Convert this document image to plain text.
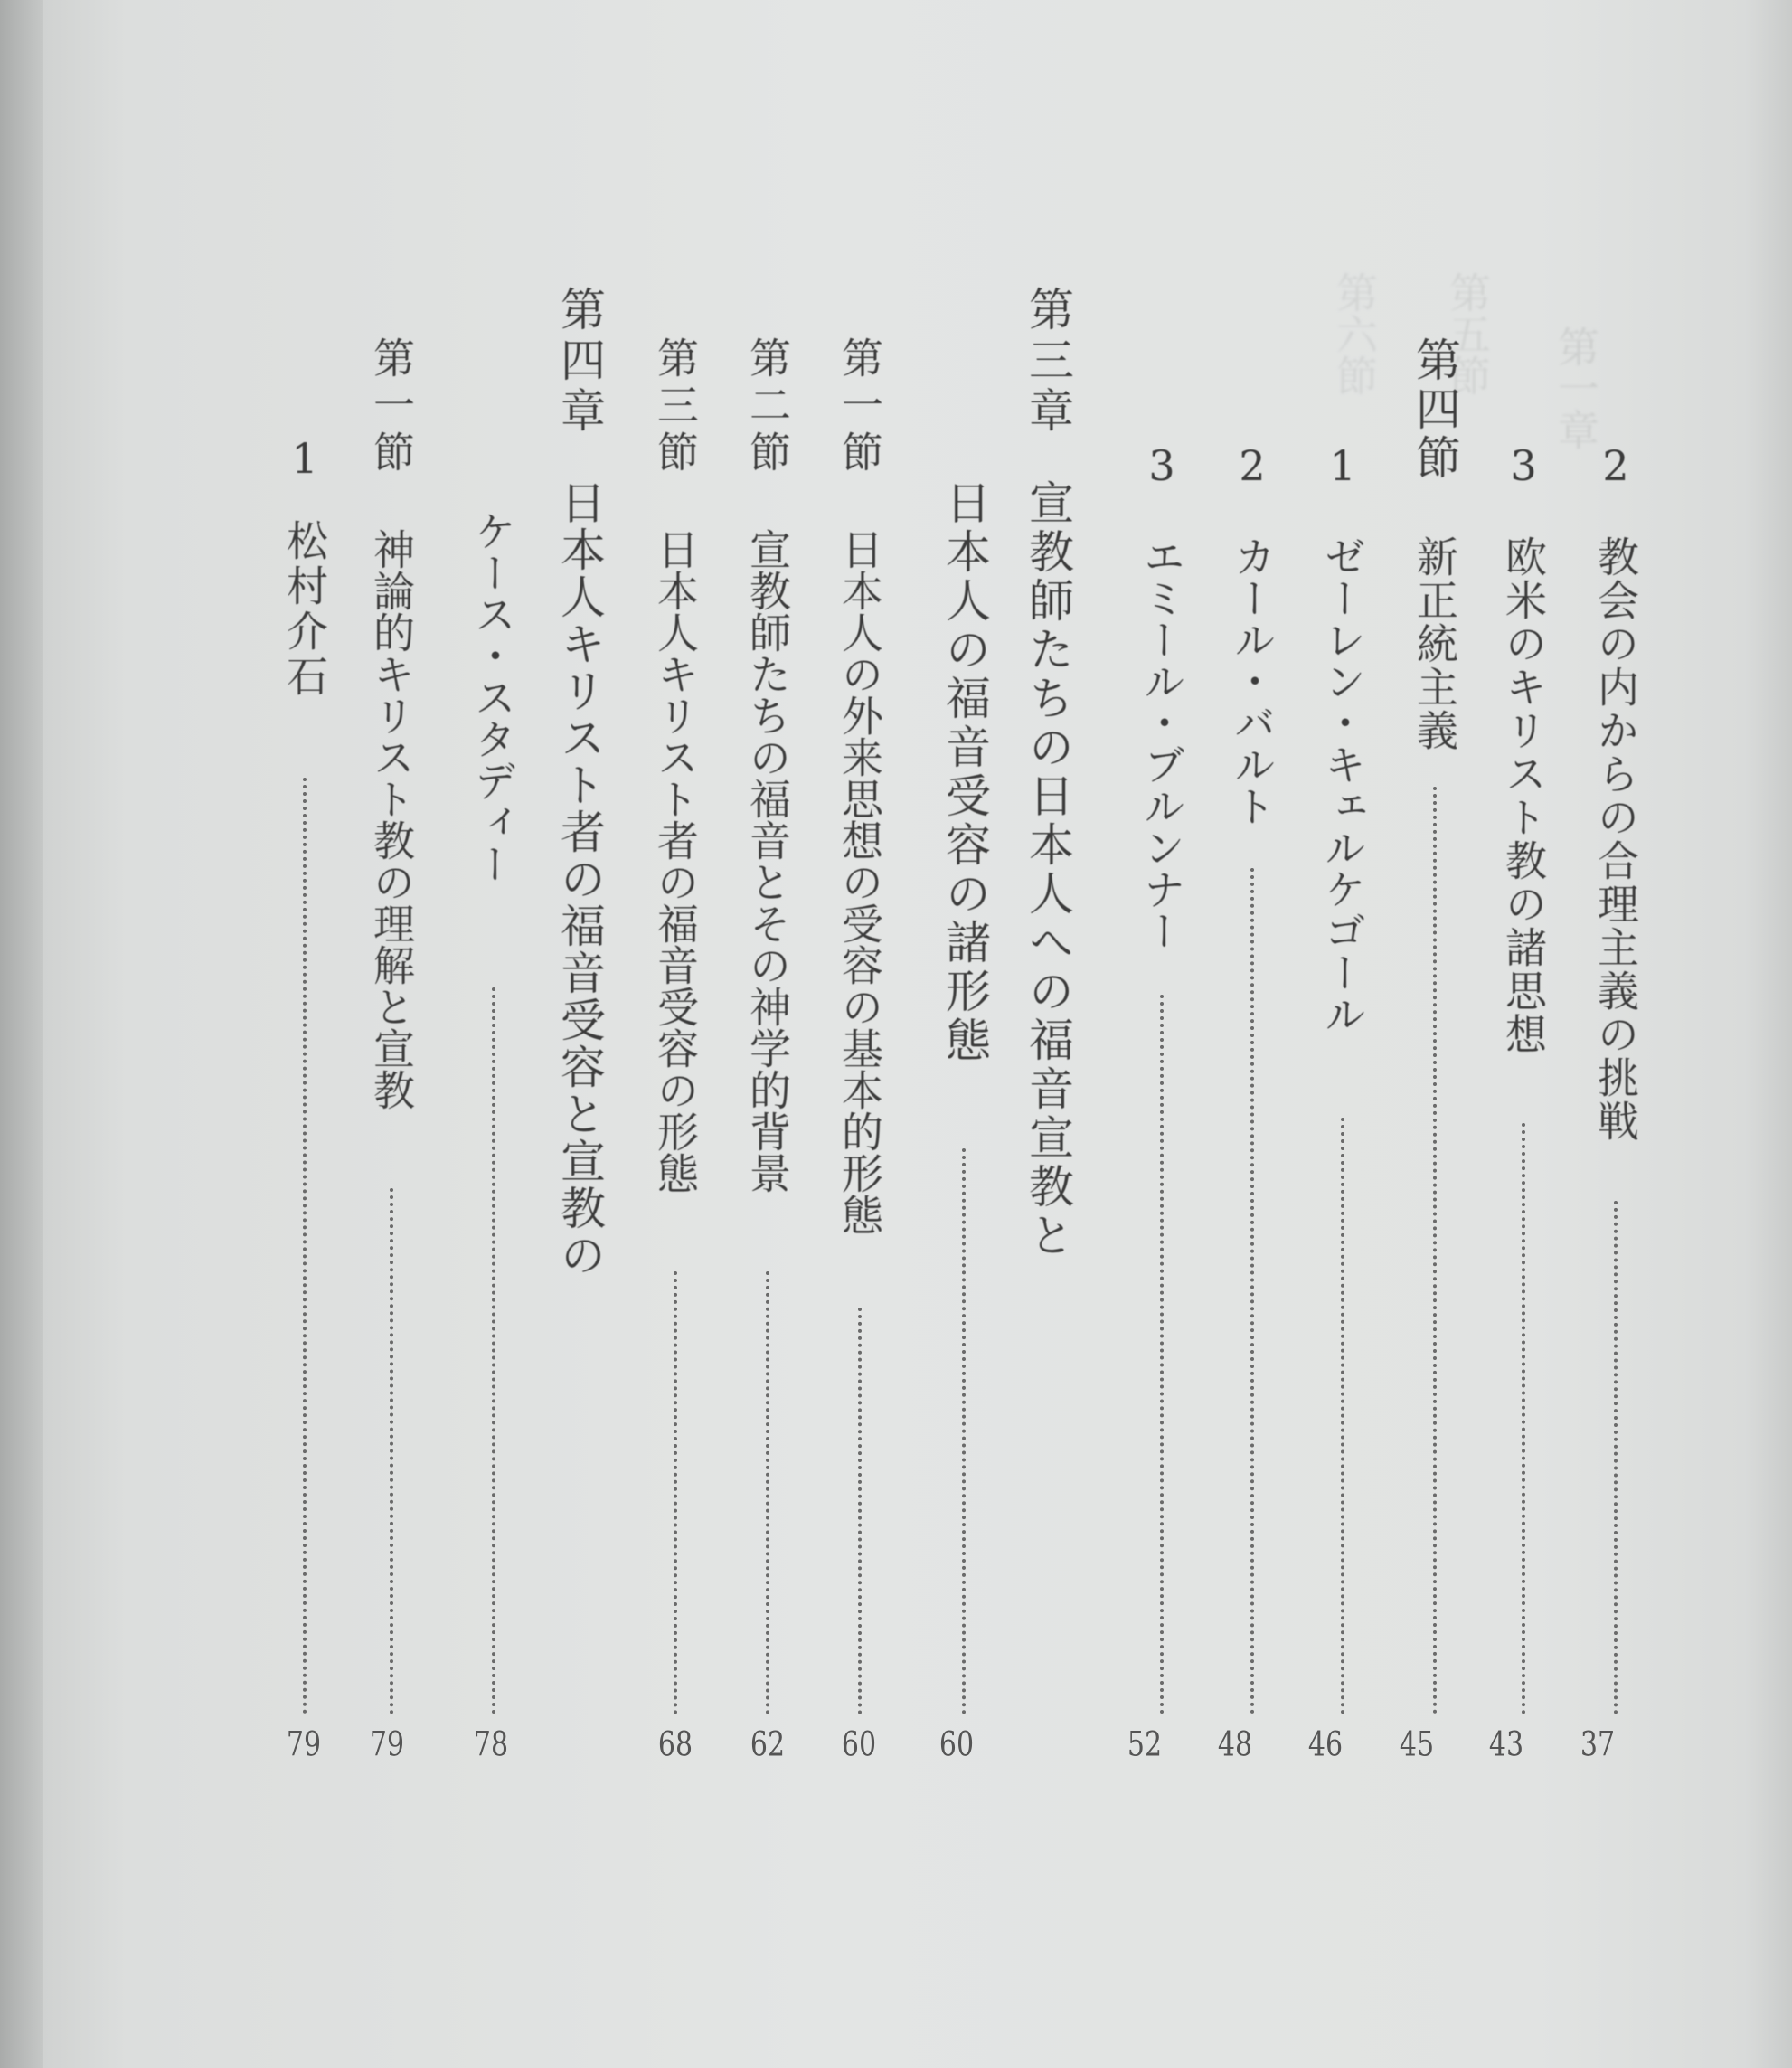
第一章
第五節
第六節
2
教会の内からの合理主義の挑戦
37
3
欧米のキリスト教の諸思想
43
第四節
新正統主義
45
1
ゼーレン・キェルケゴール
46
2
カール・バルト
48
3
エミール・ブルンナー
52
第三章
宣教師たちの日本人への福音宣教と
日本人の福音受容の諸形態
60
第一節
日本人の外来思想の受容の基本的形態
60
第二節
宣教師たちの福音とその神学的背景
62
第三節
日本人キリスト者の福音受容の形態
68
第四章
日本人キリスト者の福音受容と宣教の
ケース・スタディー
78
第一節
神論的キリスト教の理解と宣教
79
1
松村介石
79
